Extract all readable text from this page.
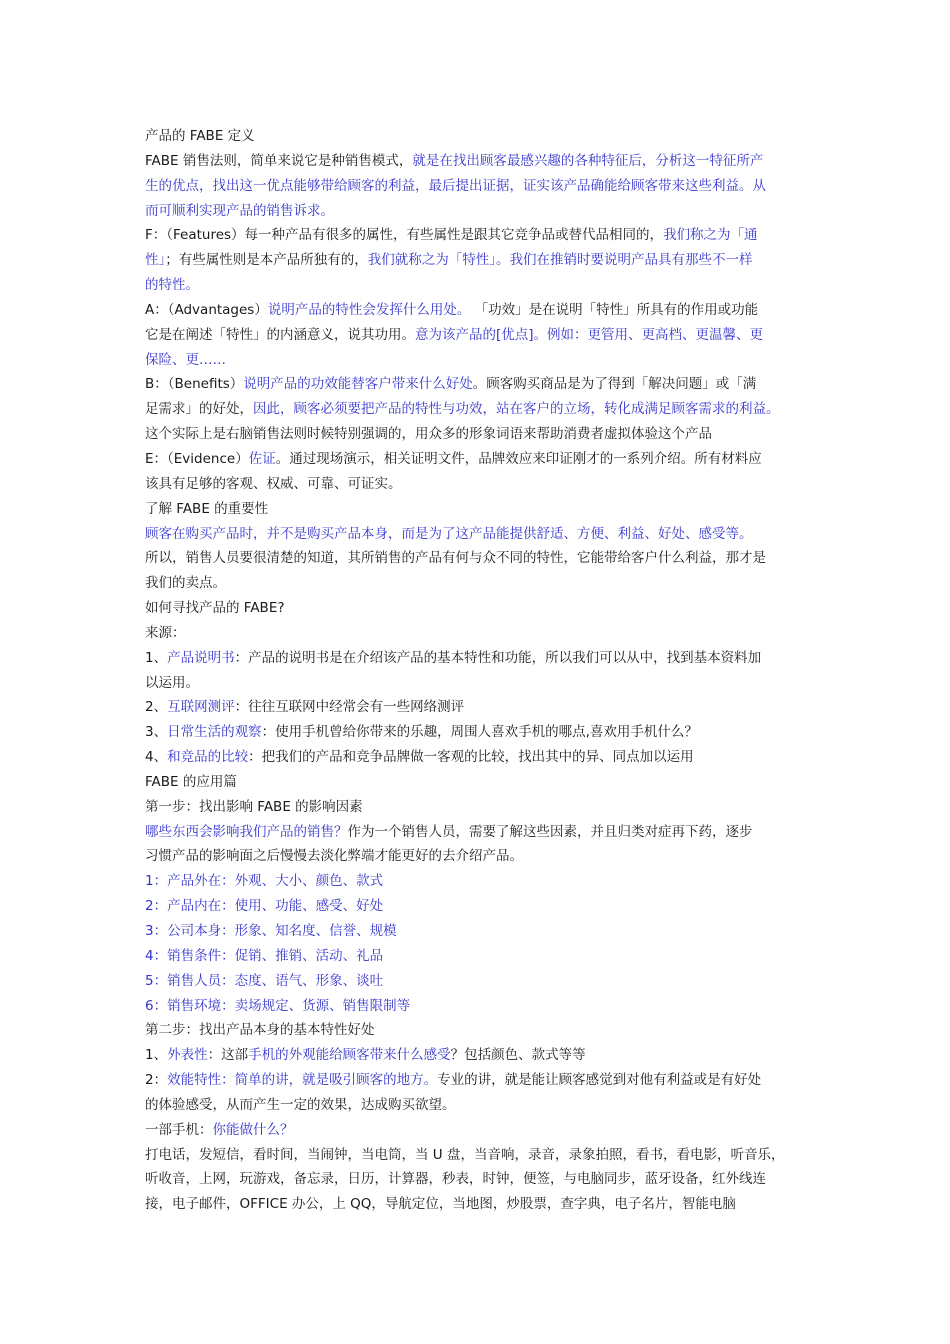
产品的 FABE 定义
FABE 销售法则，简单来说它是种销售模式，就是在找出顾客最感兴趣的各种特征后，分析这一特征所产
生的优点，找出这一优点能够带给顾客的利益，最后提出证据，证实该产品确能给顾客带来这些利益。从
而可顺利实现产品的销售诉求。
F：（Features）每一种产品有很多的属性，有些属性是跟其它竞争品或替代品相同的，我们称之为「通
性」；有些属性则是本产品所独有的，我们就称之为「特性」。我们在推销时要说明产品具有那些不一样
的特性。
A：（Advantages）说明产品的特性会发挥什么用处。 「功效」是在说明「特性」所具有的作用或功能
它是在阐述「特性」的内涵意义，说其功用。意为该产品的[优点]。例如：更管用、更高档、更温馨、更
保险、更……
B：（Benefits）说明产品的功效能替客户带来什么好处。顾客购买商品是为了得到「解决问题」或「满
足需求」的好处，因此，顾客必须要把产品的特性与功效，站在客户的立场，转化成满足顾客需求的利益。
这个实际上是右脑销售法则时候特别强调的，用众多的形象词语来帮助消费者虚拟体验这个产品
E：（Evidence）佐证。通过现场演示，相关证明文件，品牌效应来印证刚才的一系列介绍。所有材料应
该具有足够的客观、权威、可靠、可证实。
了解 FABE 的重要性
顾客在购买产品时，并不是购买产品本身，而是为了这产品能提供舒适、方便、利益、好处、感受等。
所以，销售人员要很清楚的知道，其所销售的产品有何与众不同的特性，它能带给客户什么利益，那才是
我们的卖点。
如何寻找产品的 FABE?
来源：
1、产品说明书：产品的说明书是在介绍该产品的基本特性和功能，所以我们可以从中，找到基本资料加
以运用。
2、互联网测评：往往互联网中经常会有一些网络测评
3、日常生活的观察：使用手机曾给你带来的乐趣，周围人喜欢手机的哪点,喜欢用手机什么？
4、和竞品的比较：把我们的产品和竞争品牌做一客观的比较，找出其中的异、同点加以运用
FABE 的应用篇
第一步：找出影响 FABE 的影响因素
哪些东西会影响我们产品的销售？作为一个销售人员，需要了解这些因素，并且归类对症再下药，逐步
习惯产品的影响面之后慢慢去淡化弊端才能更好的去介绍产品。
1：产品外在：外观、大小、颜色、款式
2：产品内在：使用、功能、感受、好处
3：公司本身：形象、知名度、信誉、规模
4：销售条件：促销、推销、活动、礼品
5：销售人员：态度、语气、形象、谈吐
6：销售环境：卖场规定、货源、销售限制等
第二步：找出产品本身的基本特性好处
1、外表性：这部手机的外观能给顾客带来什么感受？包括颜色、款式等等
2：效能特性：简单的讲，就是吸引顾客的地方。专业的讲，就是能让顾客感觉到对他有利益或是有好处
的体验感受，从而产生一定的效果，达成购买欲望。
一部手机：你能做什么？
打电话，发短信，看时间，当闹钟，当电筒，当 U 盘，当音响，录音，录象拍照，看书，看电影，听音乐，
听收音，上网，玩游戏，备忘录，日历，计算器，秒表，时钟，便签，与电脑同步，蓝牙设备，红外线连
接，电子邮件，OFFICE 办公，上 QQ，导航定位，当地图，炒股票，查字典，电子名片，智能电脑
